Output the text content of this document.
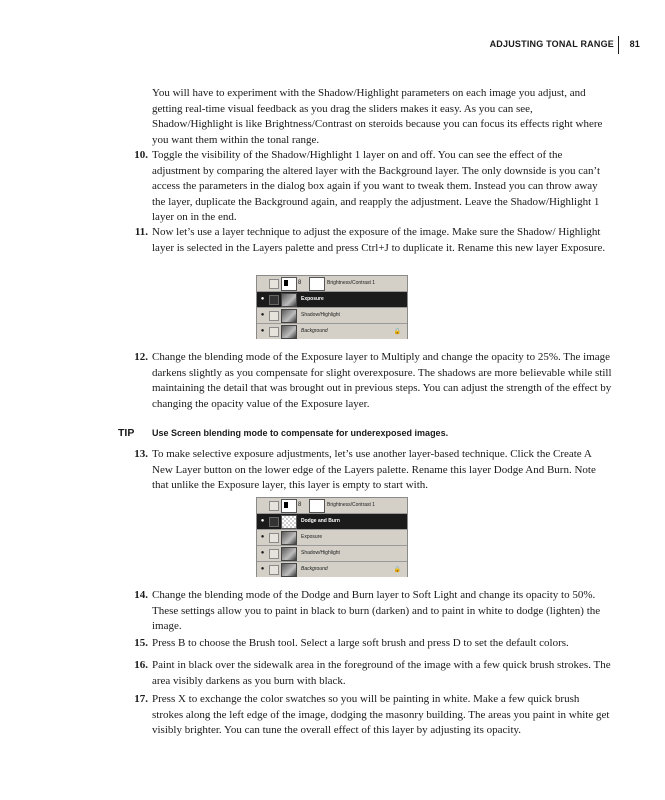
ADJUSTING TONAL RANGE 81
You will have to experiment with the Shadow/Highlight parameters on each image you adjust, and getting real-time visual feedback as you drag the sliders makes it easy. As you can see, Shadow/Highlight is like Brightness/Contrast on steroids because you can focus its effects right where you want them within the tonal range.
10. Toggle the visibility of the Shadow/Highlight 1 layer on and off. You can see the effect of the adjustment by comparing the altered layer with the Background layer. The only downside is you can’t access the parameters in the dialog box again if you want to tweak them. Instead you can throw away the layer, duplicate the Background again, and reapply the adjustment. Leave the Shadow/Highlight 1 layer on in the end.
11. Now let’s use a layer technique to adjust the exposure of the image. Make sure the Shadow/ Highlight layer is selected in the Layers palette and press Ctrl+J to duplicate it. Rename this new layer Exposure.
8	Brightness/Contrast 1
●	Exposure
●	Shadow/Highlight
●	Background	🔒
12. Change the blending mode of the Exposure layer to Multiply and change the opacity to 25%. The image darkens slightly as you compensate for slight overexposure. The shadows are more believable while still maintaining the detail that was brought out in previous steps. You can adjust the strength of the effect by changing the opacity value of the Exposure layer.
TIP Use Screen blending mode to compensate for underexposed images.
13. To make selective exposure adjustments, let’s use another layer-based technique. Click the Create A New Layer button on the lower edge of the Layers palette. Rename this layer Dodge And Burn. Note that unlike the Exposure layer, this layer is empty to start with.
8	Brightness/Contrast 1
●	Dodge and Burn
●	Exposure
●	Shadow/Highlight
●	Background	🔒
14. Change the blending mode of the Dodge and Burn layer to Soft Light and change its opacity to 50%. These settings allow you to paint in black to burn (darken) and to paint in white to dodge (lighten) the image.
15. Press B to choose the Brush tool. Select a large soft brush and press D to set the default colors.
16. Paint in black over the sidewalk area in the foreground of the image with a few quick brush strokes. The area visibly darkens as you burn with black.
17. Press X to exchange the color swatches so you will be painting in white. Make a few quick brush strokes along the left edge of the image, dodging the masonry building. The areas you paint in white get visibly brighter. You can tune the overall effect of this layer by adjusting its opacity.
